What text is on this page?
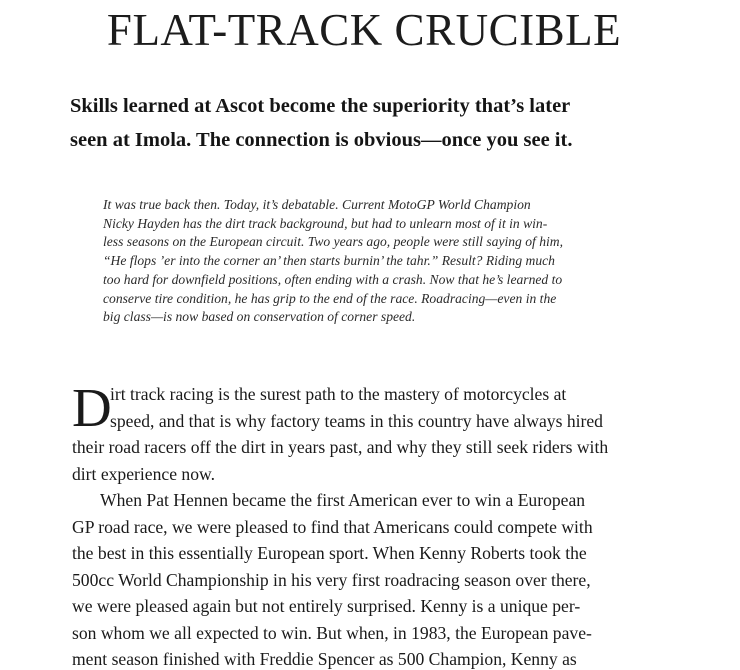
FLAT-TRACK CRUCIBLE
Skills learned at Ascot become the superiority that’s later
seen at Imola. The connection is obvious—once you see it.
It was true back then. Today, it’s debatable. Current MotoGP World Champion
Nicky Hayden has the dirt track background, but had to unlearn most of it in win-
less seasons on the European circuit. Two years ago, people were still saying of him,
“He flops ’er into the corner an’ then starts burnin’ the tahr.” Result? Riding much
too hard for downfield positions, often ending with a crash. Now that he’s learned to
conserve tire condition, he has grip to the end of the race. Roadracing—even in the
big class—is now based on conservation of corner speed.
D
irt track racing is the surest path to the mastery of motorcycles at
speed, and that is why factory teams in this country have always hired
their road racers off the dirt in years past, and why they still seek riders with
dirt experience now.
When Pat Hennen became the first American ever to win a European
GP road race, we were pleased to find that Americans could compete with
the best in this essentially European sport. When Kenny Roberts took the
500cc World Championship in his very first roadracing season over there,
we were pleased again but not entirely surprised. Kenny is a unique per-
son whom we all expected to win. But when, in 1983, the European pave-
ment season finished with Freddie Spencer as 500 Champion, Kenny as
